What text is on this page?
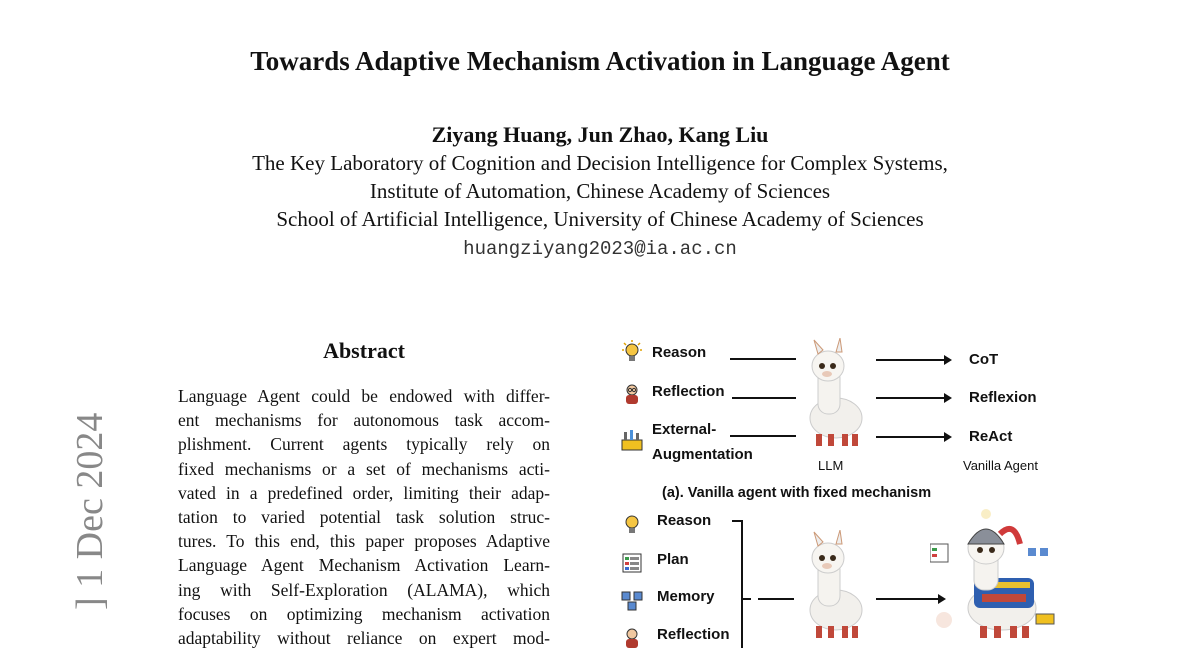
Towards Adaptive Mechanism Activation in Language Agent
Ziyang Huang, Jun Zhao, Kang Liu
The Key Laboratory of Cognition and Decision Intelligence for Complex Systems,
Institute of Automation, Chinese Academy of Sciences
School of Artificial Intelligence, University of Chinese Academy of Sciences
huangziyang2023@ia.ac.cn
] 1 Dec 2024
Abstract
Language Agent could be endowed with differ-
ent mechanisms for autonomous task accom-
plishment. Current agents typically rely on
fixed mechanisms or a set of mechanisms acti-
vated in a predefined order, limiting their adap-
tation to varied potential task solution struc-
tures. To this end, this paper proposes Adaptive
Language Agent Mechanism Activation Learn-
ing with Self-Exploration (ALAMA), which
focuses on optimizing mechanism activation
adaptability without reliance on expert mod-
Reason
Reflection
External-
Augmentation
LLM
CoT
Reflexion
ReAct
Vanilla Agent
(a). Vanilla agent with fixed mechanism
Reason
Plan
Memory
Reflection
